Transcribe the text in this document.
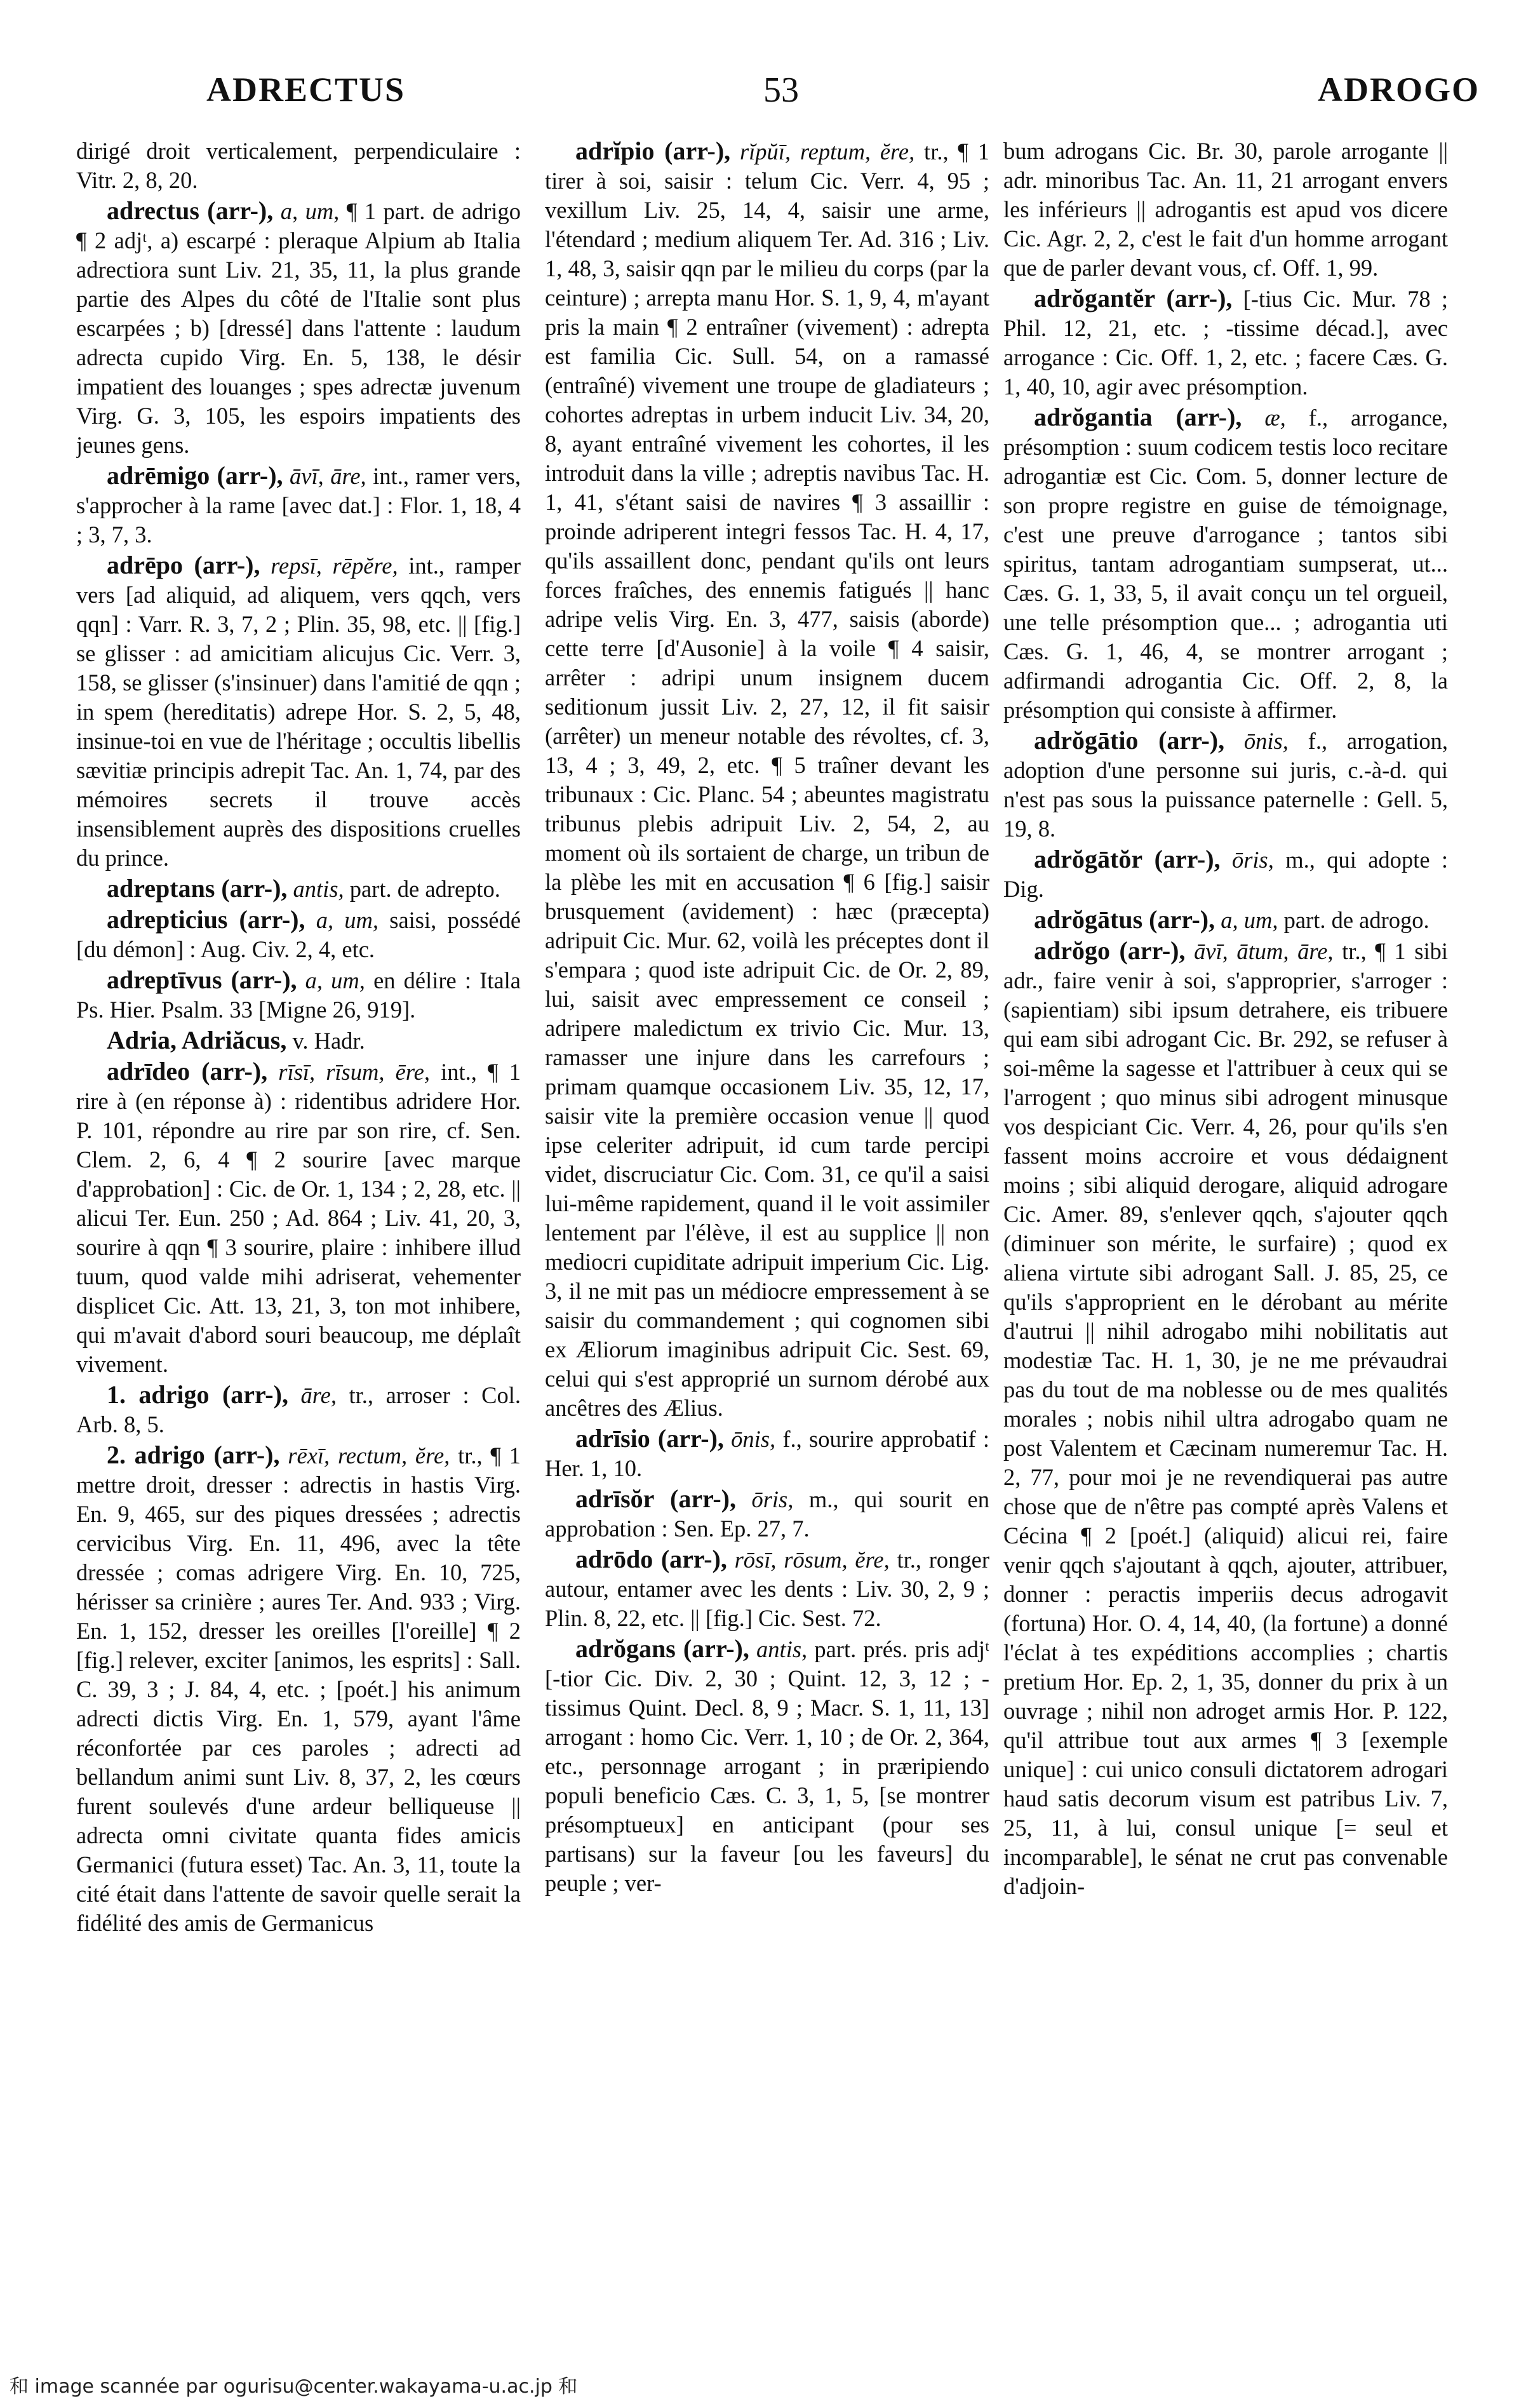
ADRECTUS	53	ADROGO

dirigé droit verticalement, perpendiculaire : Vitr. 2, 8, 20.

adrectus (arr-), a, um, ¶ 1 part. de adrigo ¶ 2 adjᵗ, a) escarpé : pleraque Alpium ab Italia adrectiora sunt Liv. 21, 35, 11, la plus grande partie des Alpes du côté de l'Italie sont plus escarpées ; b) [dressé] dans l'attente : laudum adrecta cupido Virg. En. 5, 138, le désir impatient des louanges ; spes adrectæ juvenum Virg. G. 3, 105, les espoirs impatients des jeunes gens.

adrēmigo (arr-), āvī, āre, int., ramer vers, s'approcher à la rame [avec dat.] : Flor. 1, 18, 4 ; 3, 7, 3.

adrēpo (arr-), repsī, rēpĕre, int., ramper vers [ad aliquid, ad aliquem, vers qqch, vers qqn] : Varr. R. 3, 7, 2 ; Plin. 35, 98, etc. || [fig.] se glisser : ad amicitiam alicujus Cic. Verr. 3, 158, se glisser (s'insinuer) dans l'amitié de qqn ; in spem (hereditatis) adrepe Hor. S. 2, 5, 48, insinue-toi en vue de l'héritage ; occultis libellis sævitiæ principis adrepit Tac. An. 1, 74, par des mémoires secrets il trouve accès insensiblement auprès des dispositions cruelles du prince.

adreptans (arr-), antis, part. de adrepto.

adrepticius (arr-), a, um, saisi, possédé [du démon] : Aug. Civ. 2, 4, etc.

adreptīvus (arr-), a, um, en délire : Itala Ps. Hier. Psalm. 33 [Migne 26, 919].

Adria, Adriăcus, v. Hadr.

adrīdeo (arr-), rīsī, rīsum, ēre, int., ¶ 1 rire à (en réponse à) : ridentibus adridere Hor. P. 101, répondre au rire par son rire, cf. Sen. Clem. 2, 6, 4 ¶ 2 sourire [avec marque d'approbation] : Cic. de Or. 1, 134 ; 2, 28, etc. || alicui Ter. Eun. 250 ; Ad. 864 ; Liv. 41, 20, 3, sourire à qqn ¶ 3 sourire, plaire : inhibere illud tuum, quod valde mihi adriserat, vehementer displicet Cic. Att. 13, 21, 3, ton mot inhibere, qui m'avait d'abord souri beaucoup, me déplaît vivement.

1. adrigo (arr-), āre, tr., arroser : Col. Arb. 8, 5.

2. adrigo (arr-), rēxī, rectum, ĕre, tr., ¶ 1 mettre droit, dresser : adrectis in hastis Virg. En. 9, 465, sur des piques dressées ; adrectis cervicibus Virg. En. 11, 496, avec la tête dressée ; comas adrigere Virg. En. 10, 725, hérisser sa crinière ; aures Ter. And. 933 ; Virg. En. 1, 152, dresser les oreilles [l'oreille] ¶ 2 [fig.] relever, exciter [animos, les esprits] : Sall. C. 39, 3 ; J. 84, 4, etc. ; [poét.] his animum adrecti dictis Virg. En. 1, 579, ayant l'âme réconfortée par ces paroles ; adrecti ad bellandum animi sunt Liv. 8, 37, 2, les cœurs furent soulevés d'une ardeur belliqueuse || adrecta omni civitate quanta fides amicis Germanici (futura esset) Tac. An. 3, 11, toute la cité était dans l'attente de savoir quelle serait la fidélité des amis de Germanicus

adrĭpio (arr-), rĭpŭī, reptum, ĕre, tr., ¶ 1 tirer à soi, saisir : telum Cic. Verr. 4, 95 ; vexillum Liv. 25, 14, 4, saisir une arme, l'étendard ; medium aliquem Ter. Ad. 316 ; Liv. 1, 48, 3, saisir qqn par le milieu du corps (par la ceinture) ; arrepta manu Hor. S. 1, 9, 4, m'ayant pris la main ¶ 2 entraîner (vivement) : adrepta est familia Cic. Sull. 54, on a ramassé (entraîné) vivement une troupe de gladiateurs ; cohortes adreptas in urbem inducit Liv. 34, 20, 8, ayant entraîné vivement les cohortes, il les introduit dans la ville ; adreptis navibus Tac. H. 1, 41, s'étant saisi de navires ¶ 3 assaillir : proinde adriperent integri fessos Tac. H. 4, 17, qu'ils assaillent donc, pendant qu'ils ont leurs forces fraîches, des ennemis fatigués || hanc adripe velis Virg. En. 3, 477, saisis (aborde) cette terre [d'Ausonie] à la voile ¶ 4 saisir, arrêter : adripi unum insignem ducem seditionum jussit Liv. 2, 27, 12, il fit saisir (arrêter) un meneur notable des révoltes, cf. 3, 13, 4 ; 3, 49, 2, etc. ¶ 5 traîner devant les tribunaux : Cic. Planc. 54 ; abeuntes magistratu tribunus plebis adripuit Liv. 2, 54, 2, au moment où ils sortaient de charge, un tribun de la plèbe les mit en accusation ¶ 6 [fig.] saisir brusquement (avidement) : hæc (præcepta) adripuit Cic. Mur. 62, voilà les préceptes dont il s'empara ; quod iste adripuit Cic. de Or. 2, 89, lui, saisit avec empressement ce conseil ; adripere maledictum ex trivio Cic. Mur. 13, ramasser une injure dans les carrefours ; primam quamque occasionem Liv. 35, 12, 17, saisir vite la première occasion venue || quod ipse celeriter adripuit, id cum tarde percipi videt, discruciatur Cic. Com. 31, ce qu'il a saisi lui-même rapidement, quand il le voit assimiler lentement par l'élève, il est au supplice || non mediocri cupiditate adripuit imperium Cic. Lig. 3, il ne mit pas un médiocre empressement à se saisir du commandement ; qui cognomen sibi ex Æliorum imaginibus adripuit Cic. Sest. 69, celui qui s'est approprié un surnom dérobé aux ancêtres des Ælius.

adrīsio (arr-), ōnis, f., sourire approbatif : Her. 1, 10.

adrīsŏr (arr-), ōris, m., qui sourit en approbation : Sen. Ep. 27, 7.

adrōdo (arr-), rōsī, rōsum, ĕre, tr., ronger autour, entamer avec les dents : Liv. 30, 2, 9 ; Plin. 8, 22, etc. || [fig.] Cic. Sest. 72.

adrŏgans (arr-), antis, part. prés. pris adjᵗ [-tior Cic. Div. 2, 30 ; Quint. 12, 3, 12 ; -tissimus Quint. Decl. 8, 9 ; Macr. S. 1, 11, 13] arrogant : homo Cic. Verr. 1, 10 ; de Or. 2, 364, etc., personnage arrogant ; in præripiendo populi beneficio Cæs. C. 3, 1, 5, [se montrer présomptueux] en anticipant (pour ses partisans) sur la faveur [ou les faveurs] du peuple ; ver-

bum adrogans Cic. Br. 30, parole arrogante || adr. minoribus Tac. An. 11, 21 arrogant envers les inférieurs || adrogantis est apud vos dicere Cic. Agr. 2, 2, c'est le fait d'un homme arrogant que de parler devant vous, cf. Off. 1, 99.

adrŏgantĕr (arr-), [-tius Cic. Mur. 78 ; Phil. 12, 21, etc. ; -tissime décad.], avec arrogance : Cic. Off. 1, 2, etc. ; facere Cæs. G. 1, 40, 10, agir avec présomption.

adrŏgantia (arr-), æ, f., arrogance, présomption : suum codicem testis loco recitare adrogantiæ est Cic. Com. 5, donner lecture de son propre registre en guise de témoignage, c'est une preuve d'arrogance ; tantos sibi spiritus, tantam adrogantiam sumpserat, ut... Cæs. G. 1, 33, 5, il avait conçu un tel orgueil, une telle présomption que... ; adrogantia uti Cæs. G. 1, 46, 4, se montrer arrogant ; adfirmandi adrogantia Cic. Off. 2, 8, la présomption qui consiste à affirmer.

adrŏgātio (arr-), ōnis, f., arrogation, adoption d'une personne sui juris, c.-à-d. qui n'est pas sous la puissance paternelle : Gell. 5, 19, 8.

adrŏgātŏr (arr-), ōris, m., qui adopte : Dig.

adrŏgātus (arr-), a, um, part. de adrogo.

adrŏgo (arr-), āvī, ātum, āre, tr., ¶ 1 sibi adr., faire venir à soi, s'approprier, s'arroger : (sapientiam) sibi ipsum detrahere, eis tribuere qui eam sibi adrogant Cic. Br. 292, se refuser à soi-même la sagesse et l'attribuer à ceux qui se l'arrogent ; quo minus sibi adrogent minusque vos despiciant Cic. Verr. 4, 26, pour qu'ils s'en fassent moins accroire et vous dédaignent moins ; sibi aliquid derogare, aliquid adrogare Cic. Amer. 89, s'enlever qqch, s'ajouter qqch (diminuer son mérite, le surfaire) ; quod ex aliena virtute sibi adrogant Sall. J. 85, 25, ce qu'ils s'approprient en le dérobant au mérite d'autrui || nihil adrogabo mihi nobilitatis aut modestiæ Tac. H. 1, 30, je ne me prévaudrai pas du tout de ma noblesse ou de mes qualités morales ; nobis nihil ultra adrogabo quam ne post Valentem et Cæcinam numeremur Tac. H. 2, 77, pour moi je ne revendiquerai pas autre chose que de n'être pas compté après Valens et Cécina ¶ 2 [poét.] (aliquid) alicui rei, faire venir qqch s'ajoutant à qqch, ajouter, attribuer, donner : peractis imperiis decus adrogavit (fortuna) Hor. O. 4, 14, 40, (la fortune) a donné l'éclat à tes expéditions accomplies ; chartis pretium Hor. Ep. 2, 1, 35, donner du prix à un ouvrage ; nihil non adroget armis Hor. P. 122, qu'il attribue tout aux armes ¶ 3 [exemple unique] : cui unico consuli dictatorem adrogari haud satis decorum visum est patribus Liv. 7, 25, 11, à lui, consul unique [= seul et incomparable], le sénat ne crut pas convenable d'adjoin-

和 image scannée par ogurisu@center.wakayama-u.ac.jp 和
